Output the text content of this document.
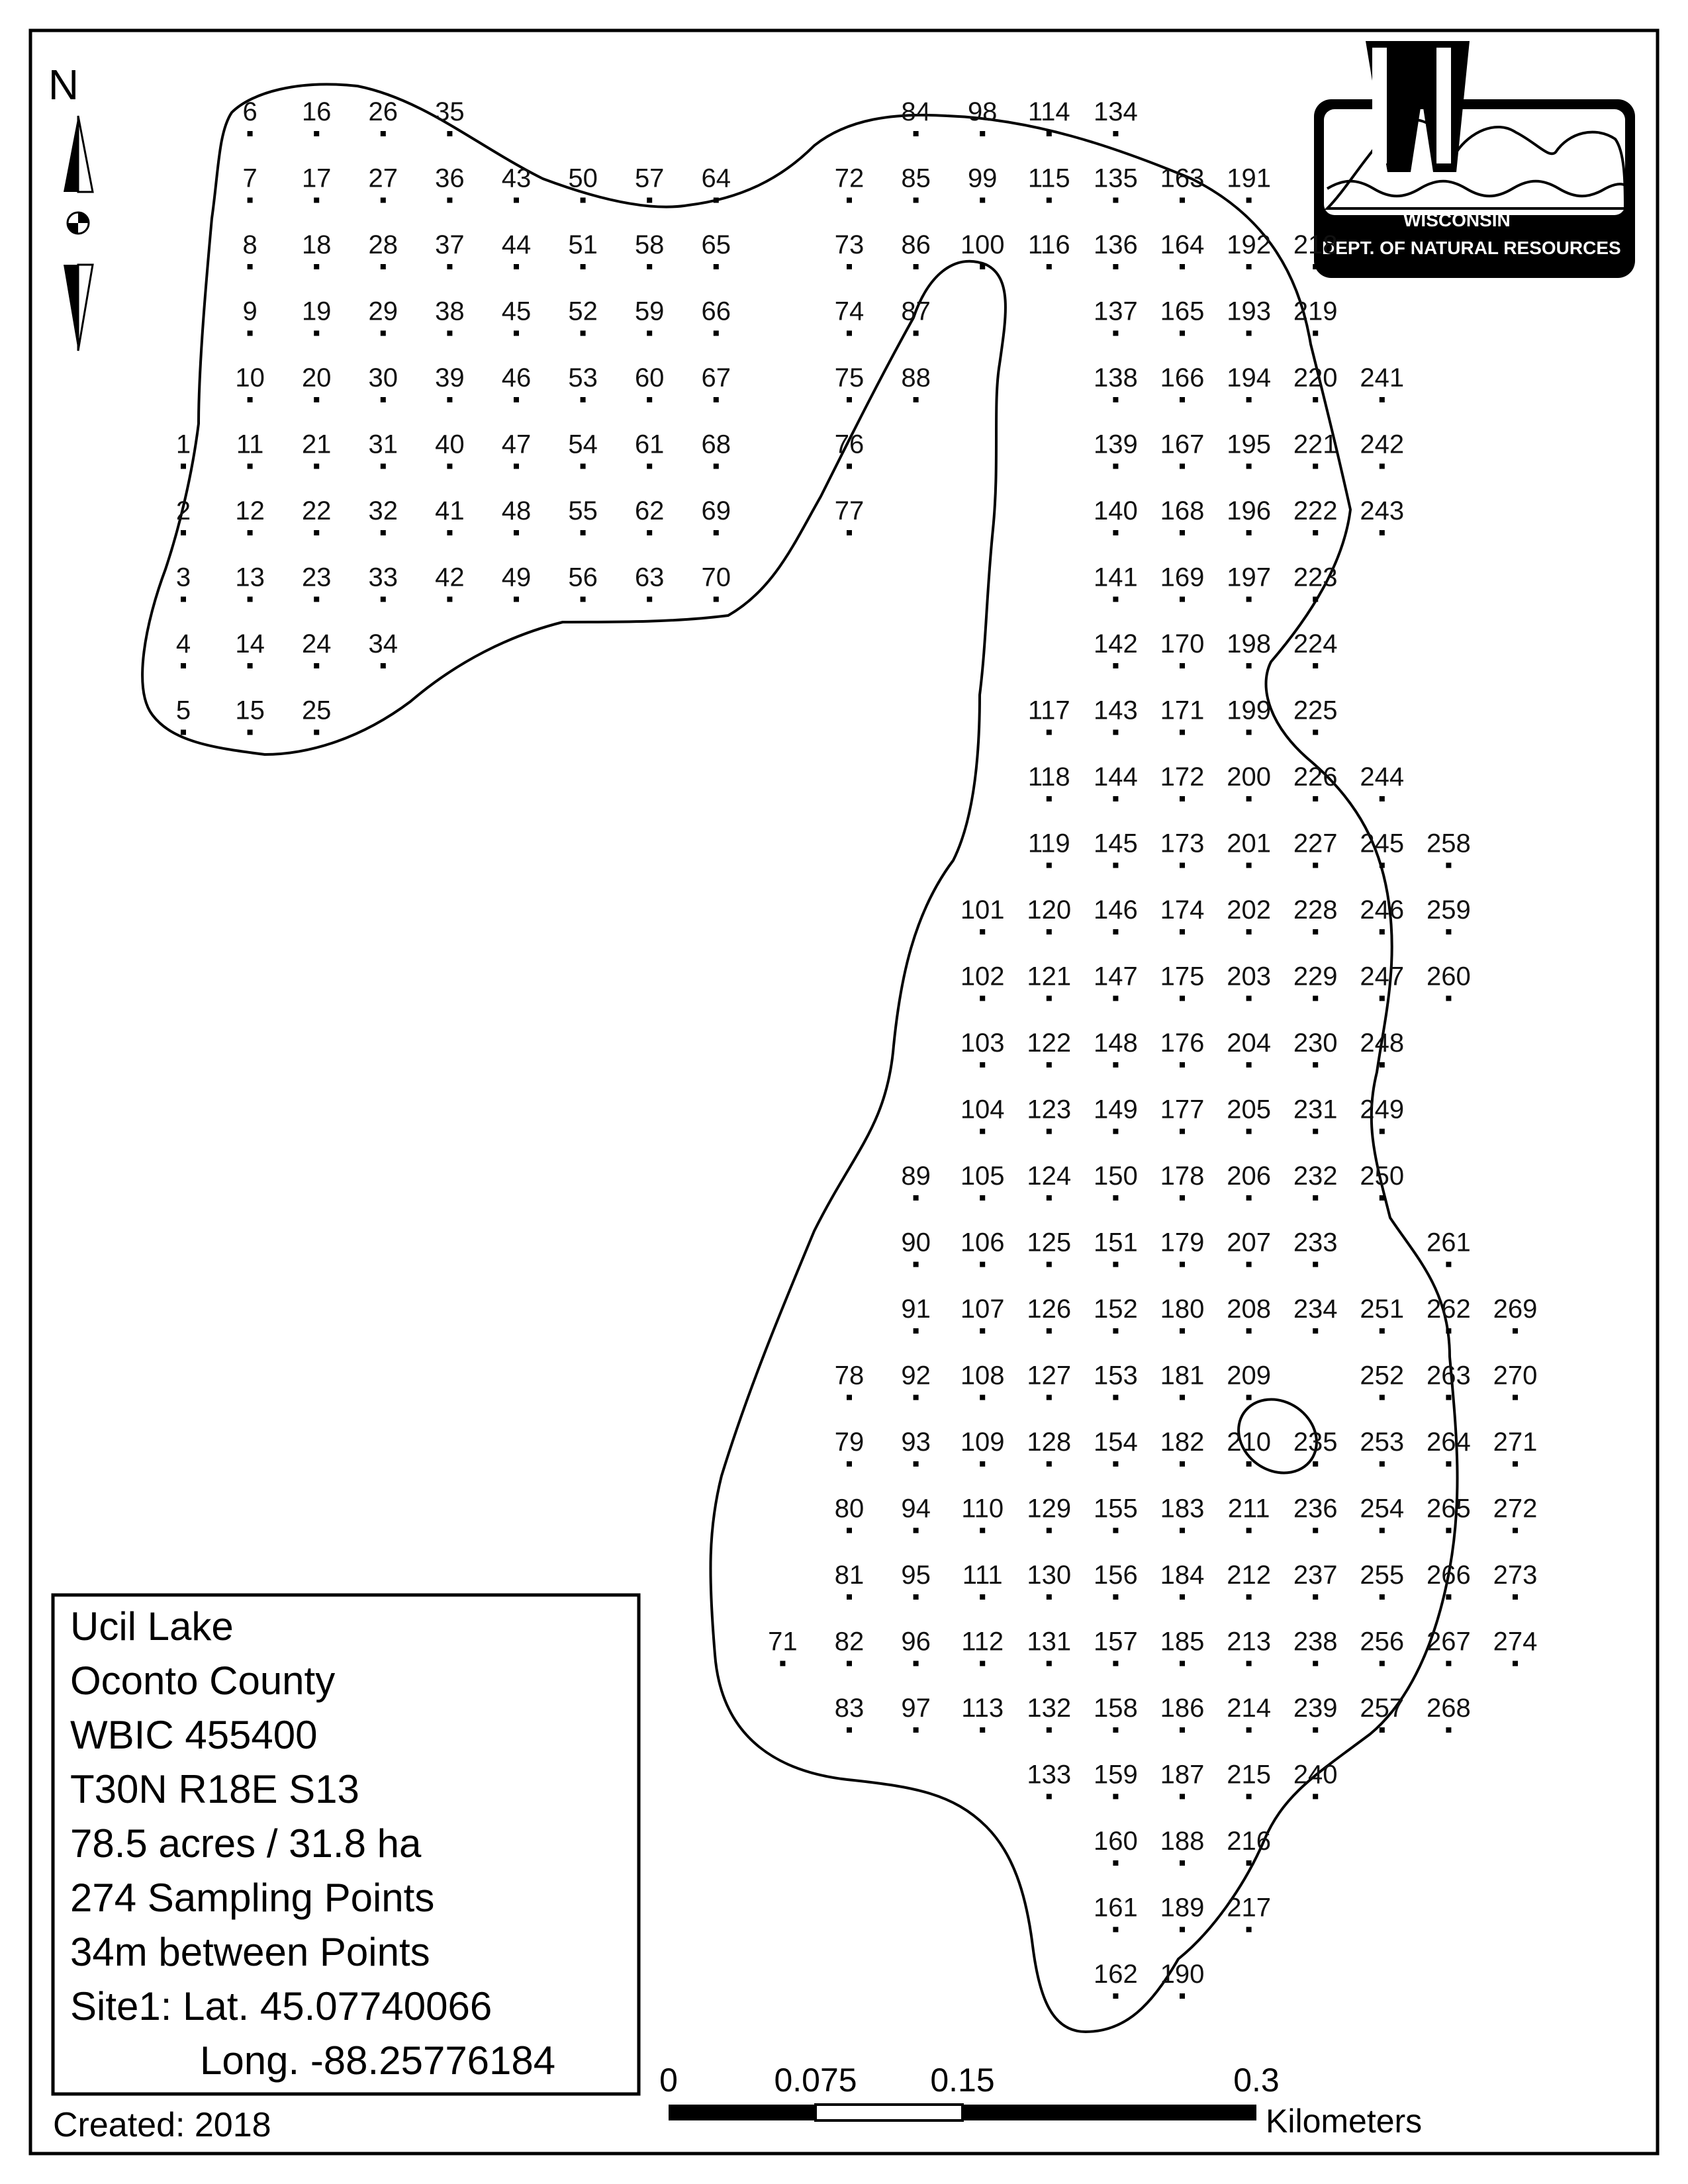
N
WISCONSIN
DEPT. OF NATURAL RESOURCES
1
2
3
4
5
6
7
8
9
10
11
12
13
14
15
16
17
18
19
20
21
22
23
24
25
26
27
28
29
30
31
32
33
34
35
36
37
38
39
40
41
42
43
44
45
46
47
48
49
50
51
52
53
54
55
56
57
58
59
60
61
62
63
64
65
66
67
68
69
70
71
72
73
74
75
76
77
78
79
80
81
82
83
84
85
86
87
88
89
90
91
92
93
94
95
96
97
98
99
100
101
102
103
104
105
106
107
108
109
110
111
112
113
114
115
116
117
118
119
120
121
122
123
124
125
126
127
128
129
130
131
132
133
134
135
136
137
138
139
140
141
142
143
144
145
146
147
148
149
150
151
152
153
154
155
156
157
158
159
160
161
162
163
164
165
166
167
168
169
170
171
172
173
174
175
176
177
178
179
180
181
182
183
184
185
186
187
188
189
190
191
192
193
194
195
196
197
198
199
200
201
202
203
204
205
206
207
208
209
210
211
212
213
214
215
216
217
218
219
220
221
222
223
224
225
226
227
228
229
230
231
232
233
234
235
236
237
238
239
240
241
242
243
244
245
246
247
248
249
250
251
252
253
254
255
256
257
258
259
260
261
262
263
264
265
266
267
268
269
270
271
272
273
274
Ucil Lake
Oconto County
WBIC 455400
T30N R18E S13
78.5 acres / 31.8 ha
274 Sampling Points
34m between Points
Site1: Lat. 45.07740066
Long. -88.25776184
Created: 2018
0	0.075 0.15	0.3
Kilometers
